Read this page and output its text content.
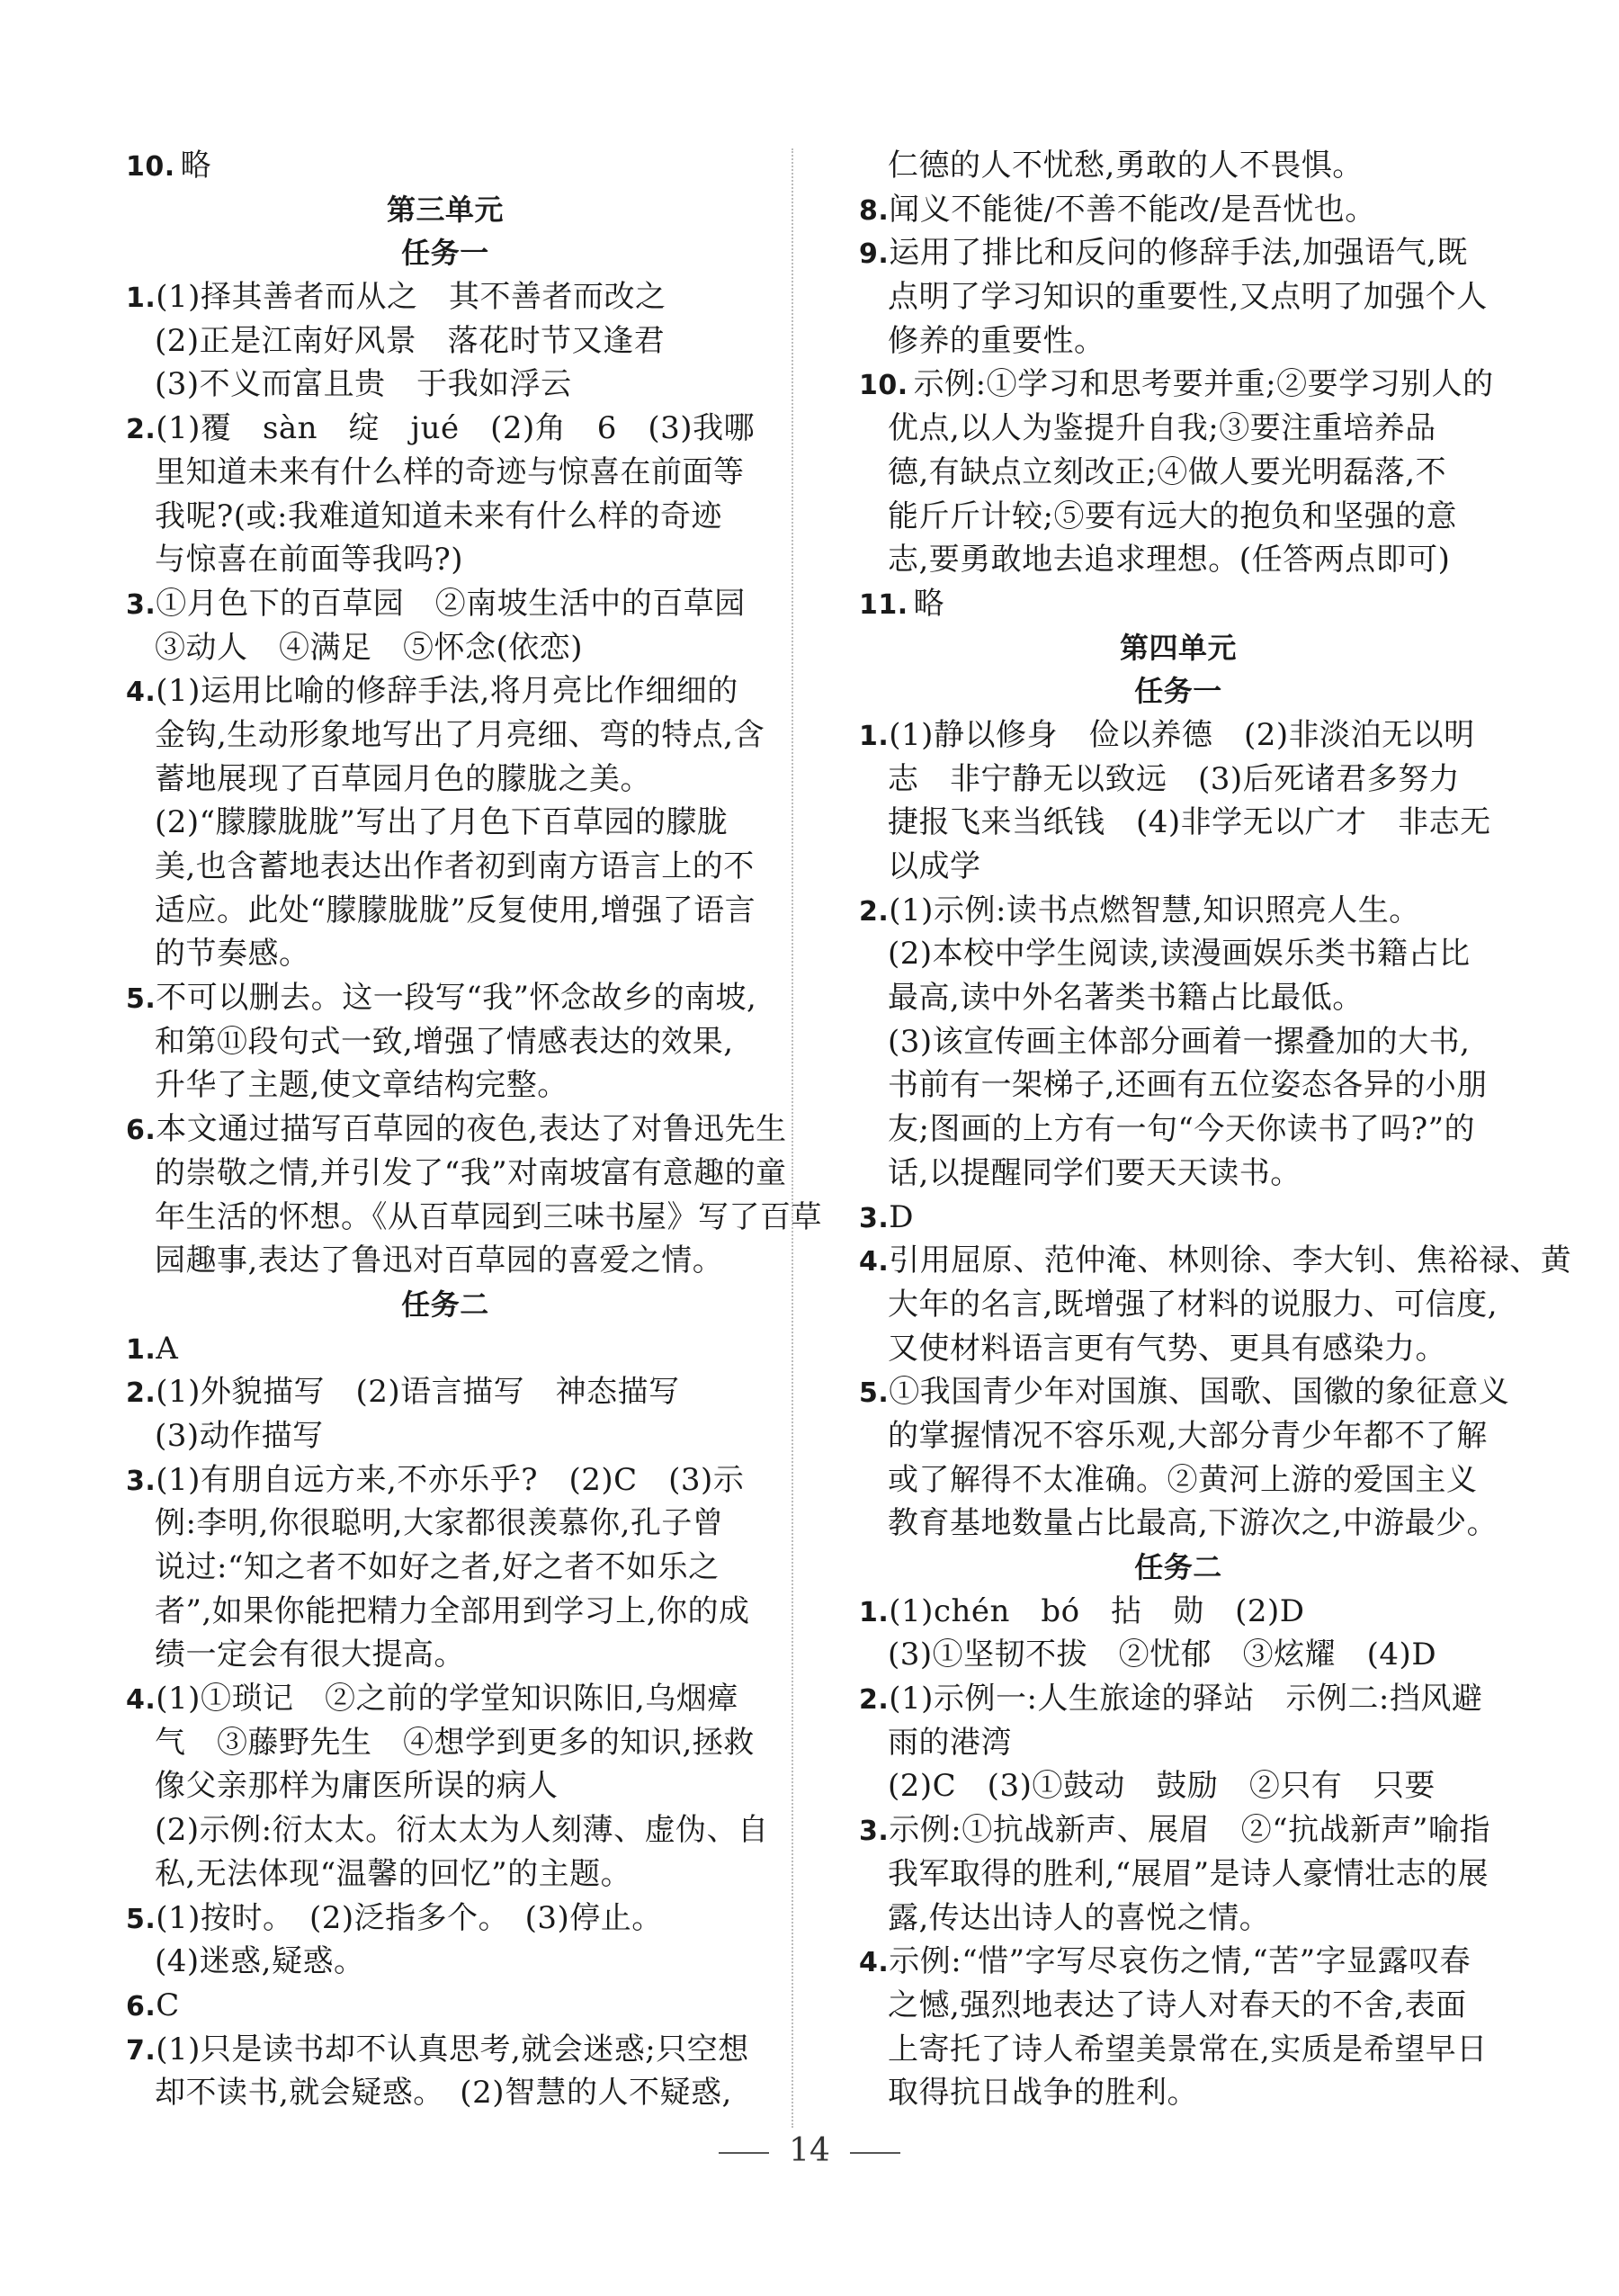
10. 略
第三单元
任务一
1.(1)择其善者而从之　其不善者而改之
(2)正是江南好风景　落花时节又逢君
(3)不义而富且贵　于我如浮云
2.(1)覆　sàn　绽　jué　(2)角　6　(3)我哪
里知道未来有什么样的奇迹与惊喜在前面等
我呢?(或:我难道知道未来有什么样的奇迹
与惊喜在前面等我吗?)
3.①月色下的百草园　②南坡生活中的百草园
③动人　④满足　⑤怀念(依恋)
4.(1)运用比喻的修辞手法,将月亮比作细细的
金钩,生动形象地写出了月亮细、弯的特点,含
蓄地展现了百草园月色的朦胧之美。
(2)“朦朦胧胧”写出了月色下百草园的朦胧
美,也含蓄地表达出作者初到南方语言上的不
适应。此处“朦朦胧胧”反复使用,增强了语言
的节奏感。
5.不可以删去。这一段写“我”怀念故乡的南坡,
和第⑪段句式一致,增强了情感表达的效果,
升华了主题,使文章结构完整。
6.本文通过描写百草园的夜色,表达了对鲁迅先生
的崇敬之情,并引发了“我”对南坡富有意趣的童
年生活的怀想。《从百草园到三味书屋》写了百草
园趣事,表达了鲁迅对百草园的喜爱之情。
任务二
1.A
2.(1)外貌描写　(2)语言描写　神态描写
(3)动作描写
3.(1)有朋自远方来,不亦乐乎?　(2)C　(3)示
例:李明,你很聪明,大家都很羡慕你,孔子曾
说过:“知之者不如好之者,好之者不如乐之
者”,如果你能把精力全部用到学习上,你的成
绩一定会有很大提高。
4.(1)①琐记　②之前的学堂知识陈旧,乌烟瘴
气　③藤野先生　④想学到更多的知识,拯救
像父亲那样为庸医所误的病人
(2)示例:衍太太。衍太太为人刻薄、虚伪、自
私,无法体现“温馨的回忆”的主题。
5.(1)按时。　(2)泛指多个。　(3)停止。
(4)迷惑,疑惑。
6.C
7.(1)只是读书却不认真思考,就会迷惑;只空想
却不读书,就会疑惑。　(2)智慧的人不疑惑,
仁德的人不忧愁,勇敢的人不畏惧。
8.闻义不能徙/不善不能改/是吾忧也。
9.运用了排比和反问的修辞手法,加强语气,既
点明了学习知识的重要性,又点明了加强个人
修养的重要性。
10. 示例:①学习和思考要并重;②要学习别人的
优点,以人为鉴提升自我;③要注重培养品
德,有缺点立刻改正;④做人要光明磊落,不
能斤斤计较;⑤要有远大的抱负和坚强的意
志,要勇敢地去追求理想。(任答两点即可)
11. 略
第四单元
任务一
1.(1)静以修身　俭以养德　(2)非淡泊无以明
志　非宁静无以致远　(3)后死诸君多努力
捷报飞来当纸钱　(4)非学无以广才　非志无
以成学
2.(1)示例:读书点燃智慧,知识照亮人生。
(2)本校中学生阅读,读漫画娱乐类书籍占比
最高,读中外名著类书籍占比最低。
(3)该宣传画主体部分画着一摞叠加的大书,
书前有一架梯子,还画有五位姿态各异的小朋
友;图画的上方有一句“今天你读书了吗?”的
话,以提醒同学们要天天读书。
3.D
4.引用屈原、范仲淹、林则徐、李大钊、焦裕禄、黄
大年的名言,既增强了材料的说服力、可信度,
又使材料语言更有气势、更具有感染力。
5.①我国青少年对国旗、国歌、国徽的象征意义
的掌握情况不容乐观,大部分青少年都不了解
或了解得不太准确。②黄河上游的爱国主义
教育基地数量占比最高,下游次之,中游最少。
任务二
1.(1)chén　bó　拈　勋　(2)D
(3)①坚韧不拔　②忧郁　③炫耀　(4)D
2.(1)示例一:人生旅途的驿站　示例二:挡风避
雨的港湾
(2)C　(3)①鼓动　鼓励　②只有　只要
3.示例:①抗战新声、展眉　②“抗战新声”喻指
我军取得的胜利,“展眉”是诗人豪情壮志的展
露,传达出诗人的喜悦之情。
4.示例:“惜”字写尽哀伤之情,“苦”字显露叹春
之憾,强烈地表达了诗人对春天的不舍,表面
上寄托了诗人希望美景常在,实质是希望早日
取得抗日战争的胜利。
14
